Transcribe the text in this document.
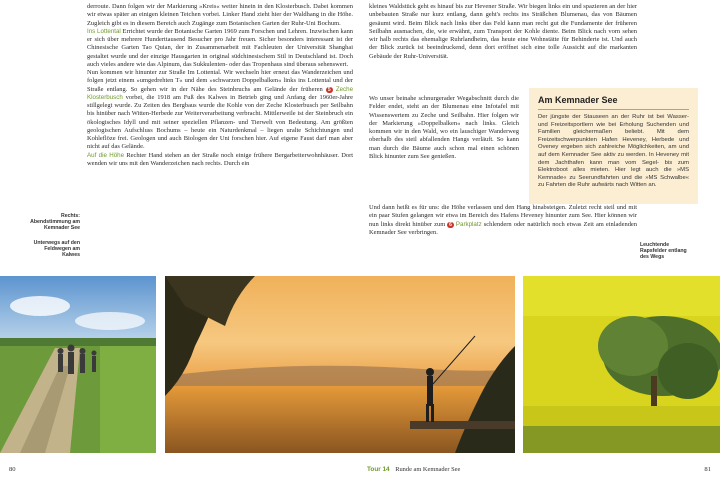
derroute. Dann folgen wir der Markierung »Kreis« weiter hinein in den Klosterbusch. Dabei kommen wir etwas später an einigen kleinen Teichen vorbei. Linker Hand zieht hier der Waldhang in die Höhe. Zugleich gibt es in diesem Bereich auch Zugänge zum Botanischen Garten der Ruhr-Uni Bochum.

Ins Lottental Errichtet wurde der Botanische Garten 1969 zum Forschen und Lehren. Inzwischen kann er sich über mehrere Hunderttausend Besucher pro Jahr freuen. Sicher besonders interessant ist der Chinesische Garten Tao Quian, der in Zusammenarbeit mit Fachleuten der Universität Shanghai gestaltet wurde und der einzige Hausgarten in original südchinesischem Stil in Deutschland ist. Doch auch vieles andere wie das Alpinum, das Sukkulenten- oder das Tropenhaus sind überaus sehenswert.

Nun kommen wir hinunter zur Straße Im Lottental. Wir wechseln hier erneut das Wanderzeichen und folgen jetzt einem »umgedrehten T« und dem »schwarzen Doppelbalken« links ins Lottental und der Straße entlang. So gehen wir in der Nähe des Steinbruchs am Gelände der früheren 5 Zeche Klosterbusch vorbei, die 1918 am Fuß des Kalwes in Betrieb ging und Anfang der 1960er-Jahre stillgelegt wurde. Zu Zeiten des Bergbaus wurde die Kohle von der Zeche Klosterbusch per Seilbahn bis hinüber nach Witten-Herbede zur Weiterverarbeitung verbracht. Mittlerweile ist der Steinbruch ein ökologisches Idyll und mit seiner speziellen Pflanzen- und Tierwelt von Bedeutung. Am größten geologischen Aufschluss Bochums – heute ein Naturdenkmal – liegen uralte Schichtungen und Kohleflöze frei. Geologen und auch Biologen der Uni forschen hier. Auf eigene Faust darf man aber nicht auf das Gelände.

Auf die Höhe Rechter Hand stehen an der Straße noch einige frühere Bergarbeiterwohnhäuser. Dort wenden wir uns mit den Wanderzeichen nach rechts. Durch ein

kleines Waldstück geht es hinauf bis zur Hevener Straße. Wir biegen links ein und spazieren an der hier unbebauten Straße nur kurz entlang, dann geht's rechts ins Sträßchen Blumenau, das von Bäumen gesäumt wird. Beim Blick nach links über das Feld kann man recht gut die Fundamente der früheren Seilbahn ausmachen, die, wie erwähnt, zum Transport der Kohle diente. Beim Blick nach vorn sehen wir halb rechts das ehemalige Ruhrlandheim, das heute eine Wohnstätte für Behinderte ist. Und auch der Blick zurück ist beeindruckend, denn dort eröffnet sich eine tolle Aussicht auf die markanten Gebäude der Ruhr-Universität.

Wo unser beinahe schnurgerader Wegabschnitt durch die Felder endet, steht an der Blumenau eine Infotafel mit Wissenswertem zu Zeche und Seilbahn. Hier folgen wir der Markierung »Doppelbalken« nach links. Gleich kommen wir in den Wald, wo ein lauschiger Wanderweg oberhalb des steil abfallenden Hangs verläuft. So kann man durch die Bäume auch schon mal einen schönen Blick hinunter zum See genießen.

Und dann heißt es für uns: die Höhe verlassen und den Hang hinabsteigen. Zuletzt recht steil und mit ein paar Stufen gelangen wir etwa im Bereich des Hafens Heveney hinunter zum See. Hier können wir nun links direkt hinüber zum 6 Parkplatz schlendern oder natürlich noch etwas Zeit am einladenden Kemnader See verbringen.

Am Kemnader See
Der jüngste der Stauseen an der Ruhr ist bei Wasser- und Freizeitsportlern wie bei Erholung Suchenden und Familien gleichermaßen beliebt. Mit dem Freizeitschwerpunkten Hafen Heveney, Herbede und Oveney ergeben sich zahlreiche Möglichkeiten, am und auf dem Kemnader See aktiv zu werden. In Heveney mit dem Jachthafen kann man vom Segel- bis zum Elektroboot alles mieten. Hier legt auch die »MS Kemnade« zu Seerundfahrten und die »MS Schwalbe« zu Fahrten die Ruhr aufwärts nach Witten an.
Rechts: Abendstimmung am Kemnader See
Unterwegs auf den Feldwegen am Kalwes
Leuchtende Rapsfelder entlang des Wegs
80	Tour 14 Runde am Kemnader See	81
